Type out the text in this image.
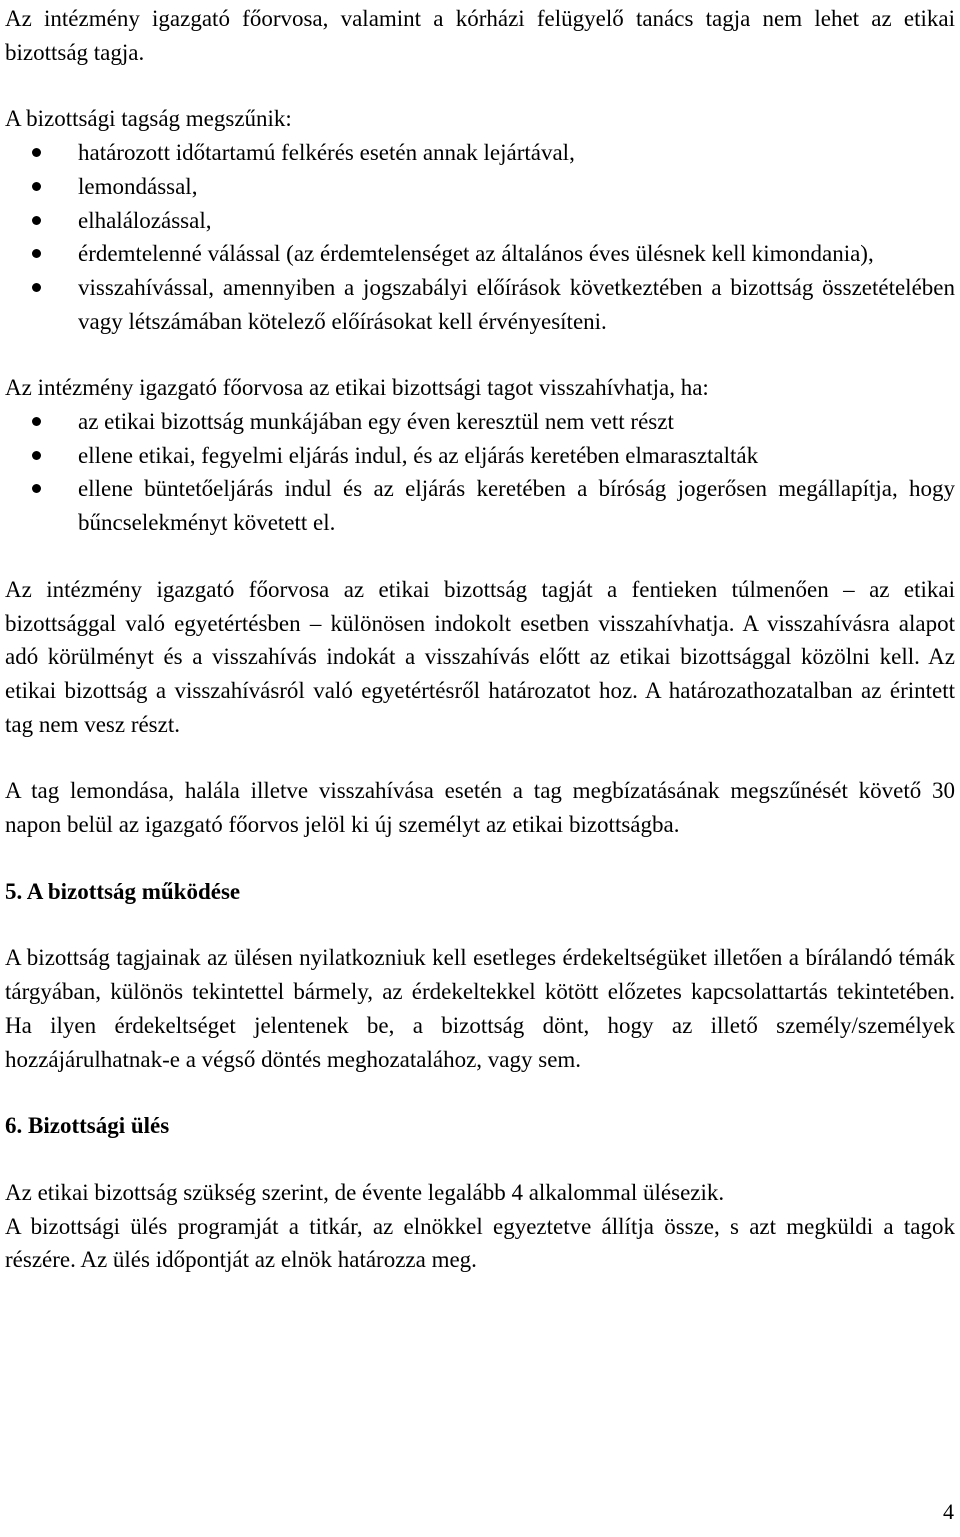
Az intézmény igazgató főorvosa, valamint a kórházi felügyelő tanács tagja nem lehet az etikai bizottság tagja.

A bizottsági tagság megszűnik:

határozott időtartamú felkérés esetén annak lejártával,
lemondással,
elhalálozással,
érdemtelenné válással (az érdemtelenséget az általános éves ülésnek kell kimondania),
visszahívással, amennyiben a jogszabályi előírások következtében a bizottság összetételében vagy létszámában kötelező előírásokat kell érvényesíteni.

Az intézmény igazgató főorvosa az etikai bizottsági tagot visszahívhatja, ha:

az etikai bizottság munkájában egy éven keresztül nem vett részt
ellene etikai, fegyelmi eljárás indul, és az eljárás keretében elmarasztalták
ellene büntetőeljárás indul és az eljárás keretében a bíróság jogerősen megállapítja, hogy bűncselekményt követett el.

Az intézmény igazgató főorvosa az etikai bizottság tagját a fentieken túlmenően – az etikai bizottsággal való egyetértésben – különösen indokolt esetben visszahívhatja. A visszahívásra alapot adó körülményt és a visszahívás indokát a visszahívás előtt az etikai bizottsággal közölni kell. Az etikai bizottság a visszahívásról való egyetértésről határozatot hoz. A határozathozatalban az érintett tag nem vesz részt.

A tag lemondása, halála illetve visszahívása esetén a tag megbízatásának megszűnését követő 30 napon belül az igazgató főorvos jelöl ki új személyt az etikai bizottságba.

5. A bizottság működése

A bizottság tagjainak az ülésen nyilatkozniuk kell esetleges érdekeltségüket illetően a bírálandó témák tárgyában, különös tekintettel bármely, az érdekeltekkel kötött előzetes kapcsolattartás tekintetében. Ha ilyen érdekeltséget jelentenek be, a bizottság dönt, hogy az illető személy/személyek hozzájárulhatnak-e a végső döntés meghozatalához, vagy sem.

6. Bizottsági ülés

Az etikai bizottság szükség szerint, de évente legalább 4 alkalommal ülésezik.

A bizottsági ülés programját a titkár, az elnökkel egyeztetve állítja össze, s azt megküldi a tagok részére. Az ülés időpontját az elnök határozza meg.

4
